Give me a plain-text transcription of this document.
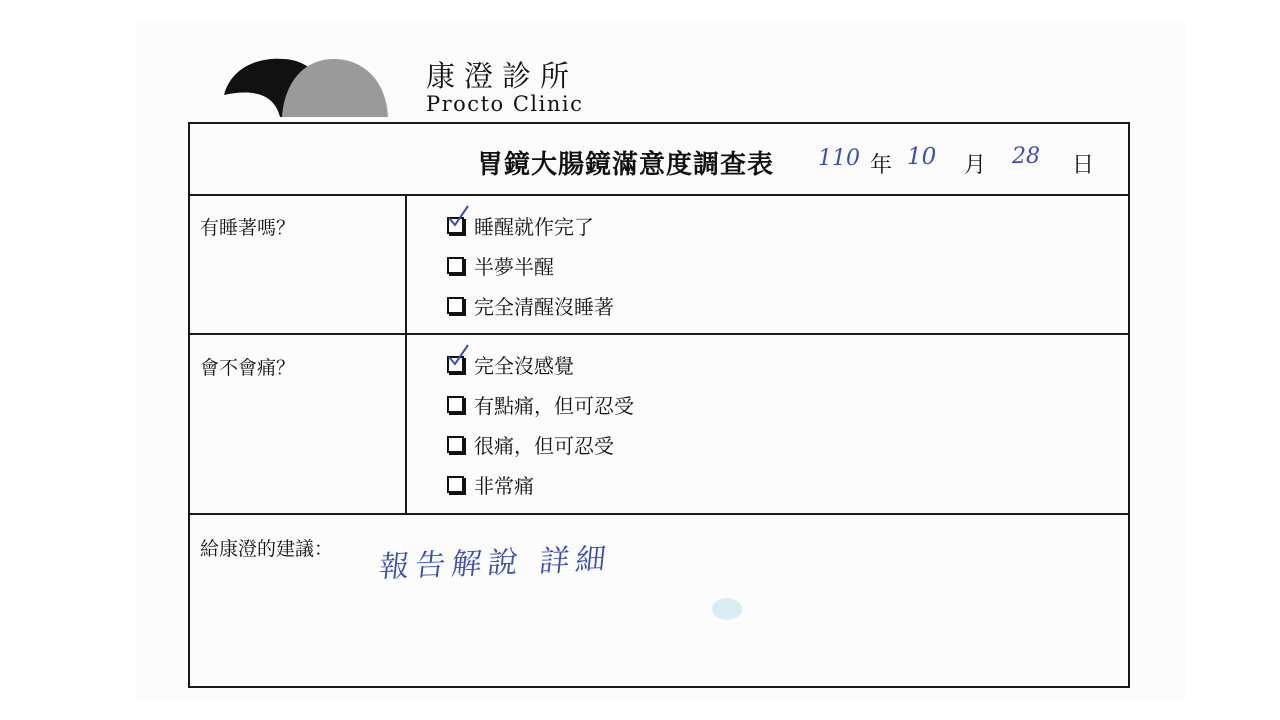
康澄診所
Procto Clinic
胃鏡大腸鏡滿意度調查表 110 年 10 月 28 日
有睡著嗎？	睡醒就作完了
半夢半醒
完全清醒沒睡著
會不會痛？	完全沒感覺
有點痛，但可忍受
很痛，但可忍受
非常痛
給康澄的建議： 報告解說 詳細
